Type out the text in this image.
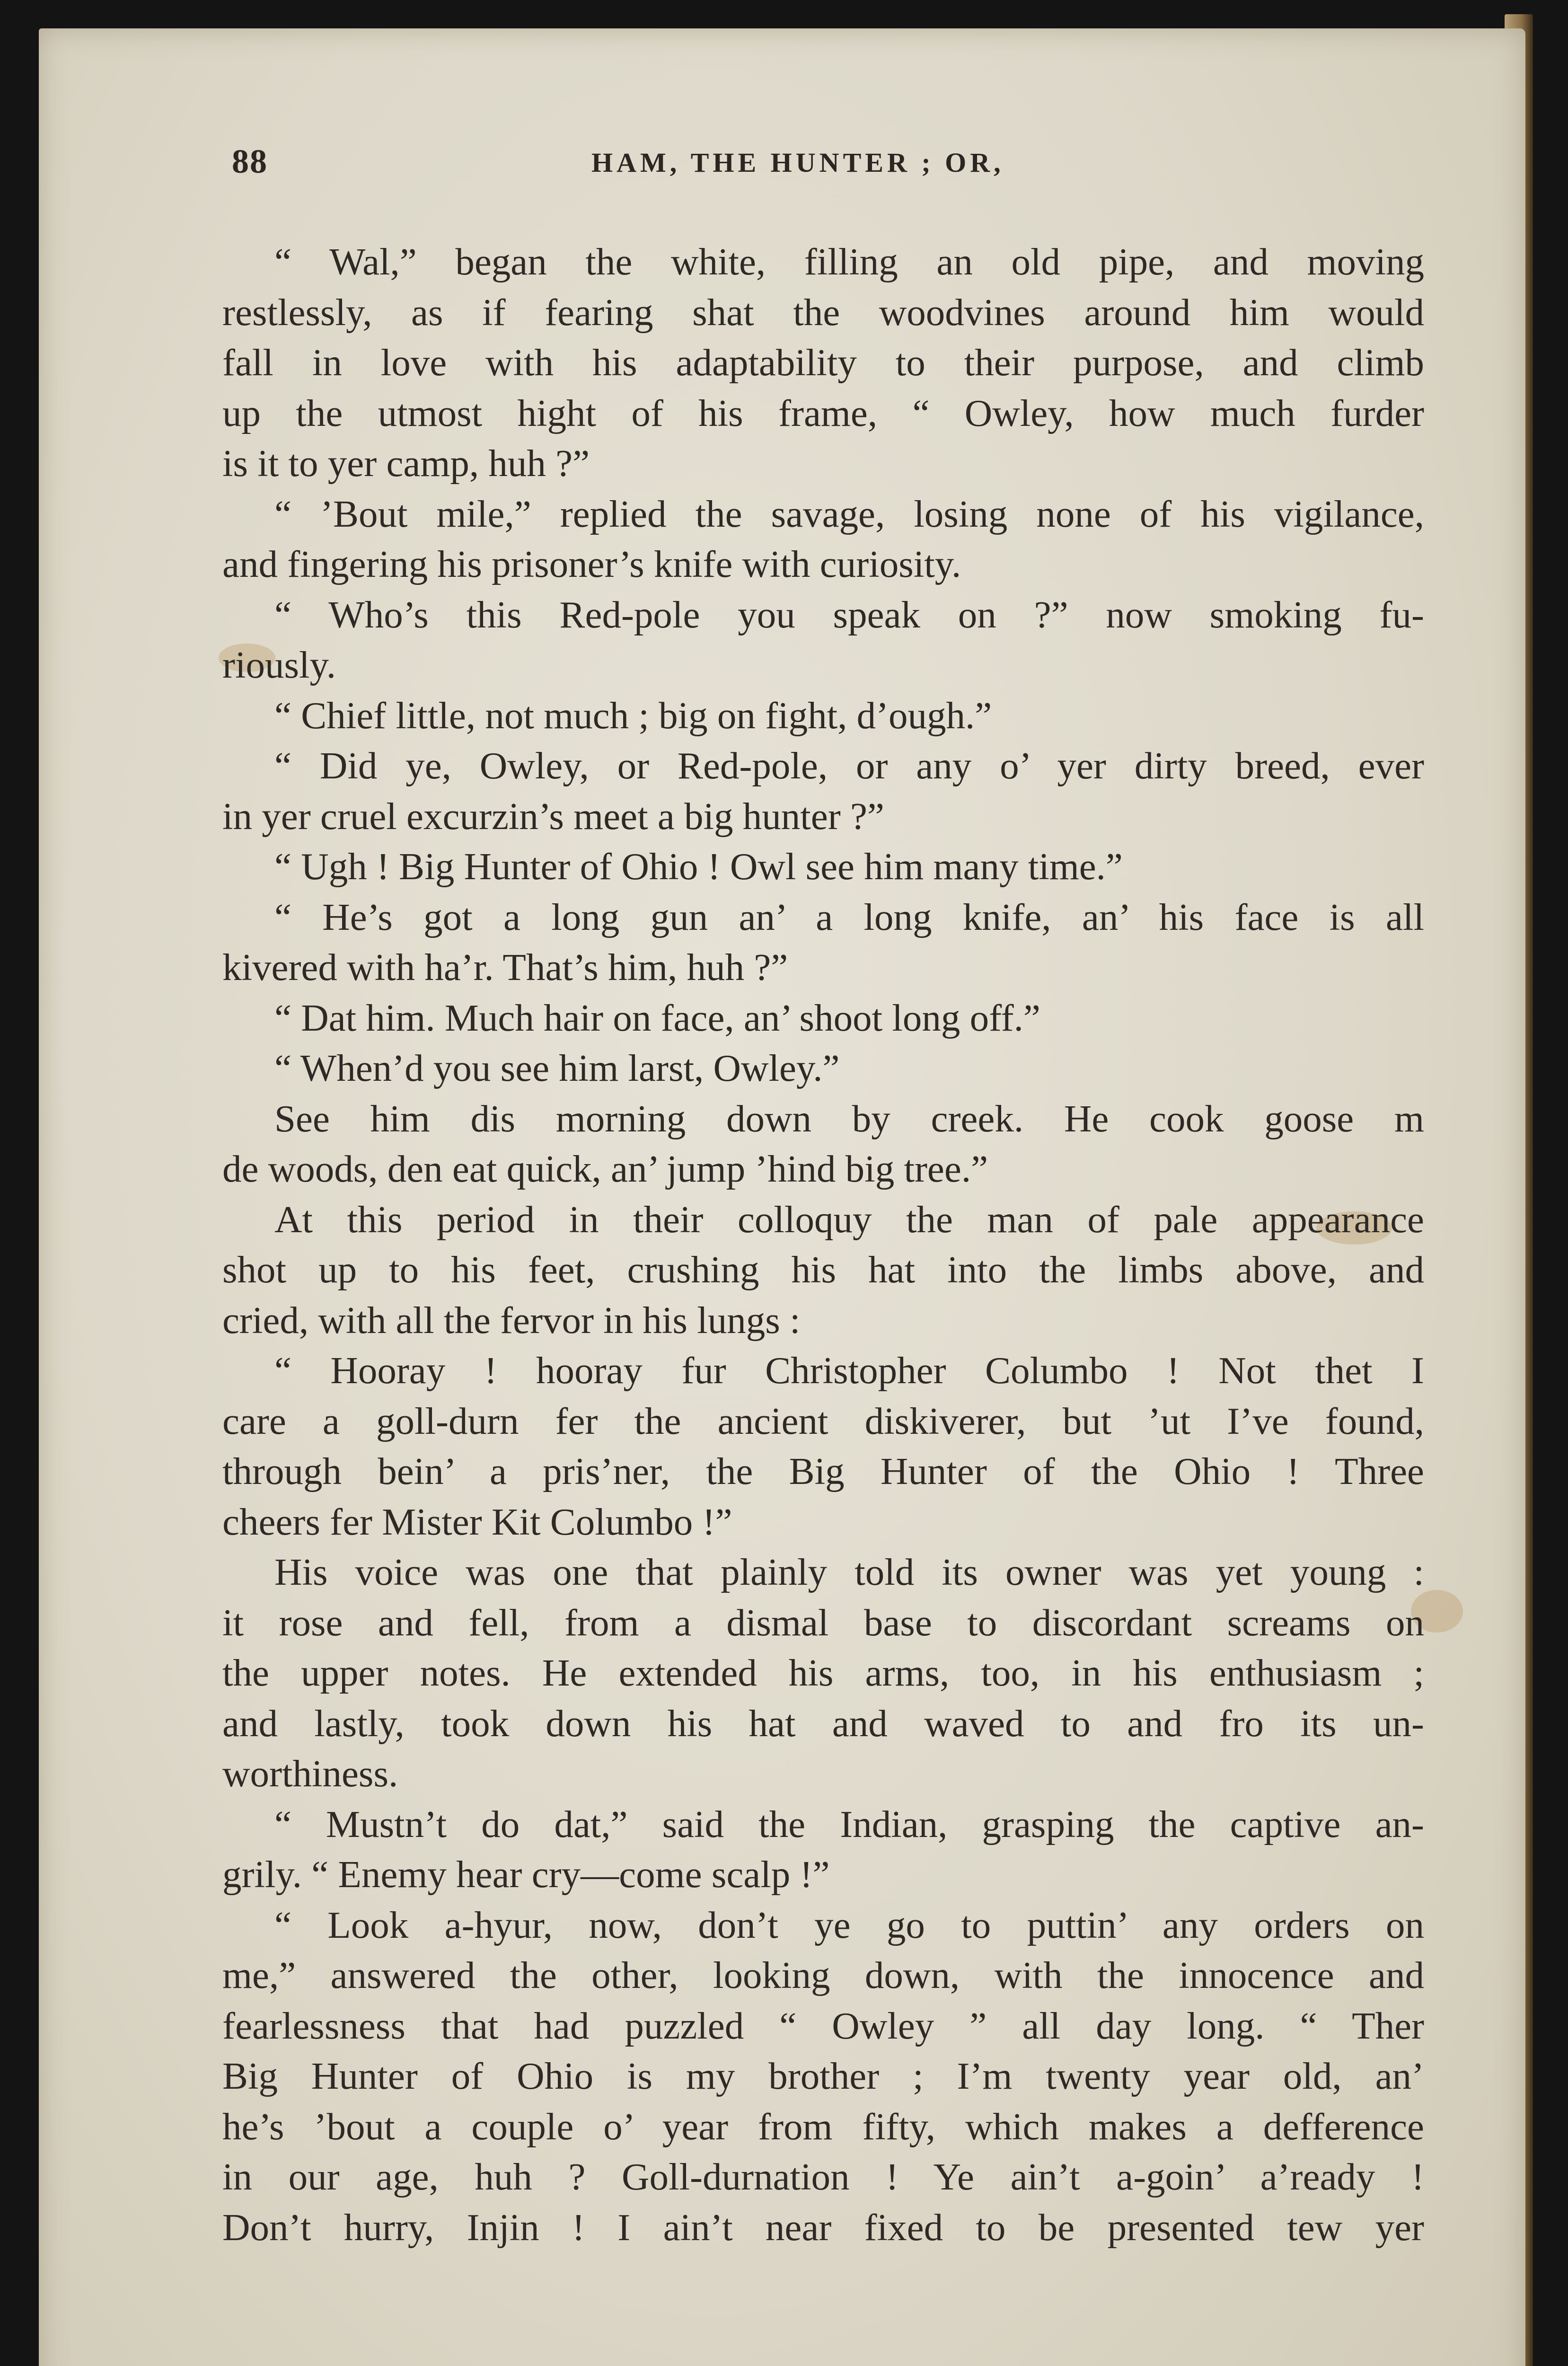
88	HAM, THE HUNTER ; OR,
“ Wal,” began the white, filling an old pipe, and moving
restlessly, as if fearing shat the woodvines around him would
fall in love with his adaptability to their purpose, and climb
up the utmost hight of his frame, “ Owley, how much furder
is it to yer camp, huh ?”
“ ’Bout mile,” replied the savage, losing none of his vigilance,
and fingering his prisoner’s knife with curiosity.
“ Who’s this Red-pole you speak on ?” now smoking fu-
riously.
“ Chief little, not much ; big on fight, d’ough.”
“ Did ye, Owley, or Red-pole, or any o’ yer dirty breed, ever
in yer cruel excurzin’s meet a big hunter ?”
“ Ugh ! Big Hunter of Ohio ! Owl see him many time.”
“ He’s got a long gun an’ a long knife, an’ his face is all
kivered with ha’r. That’s him, huh ?”
“ Dat him. Much hair on face, an’ shoot long off.”
“ When’d you see him larst, Owley.”
See him dis morning down by creek. He cook goose m
de woods, den eat quick, an’ jump ’hind big tree.”
At this period in their colloquy the man of pale appearance
shot up to his feet, crushing his hat into the limbs above, and
cried, with all the fervor in his lungs :
“ Hooray ! hooray fur Christopher Columbo ! Not thet I
care a goll-durn fer the ancient diskiverer, but ’ut I’ve found,
through bein’ a pris’ner, the Big Hunter of the Ohio ! Three
cheers fer Mister Kit Columbo !”
His voice was one that plainly told its owner was yet young :
it rose and fell, from a dismal base to discordant screams on
the upper notes. He extended his arms, too, in his enthusiasm ;
and lastly, took down his hat and waved to and fro its un-
worthiness.
“ Mustn’t do dat,” said the Indian, grasping the captive an-
grily. “ Enemy hear cry—come scalp !”
“ Look a-hyur, now, don’t ye go to puttin’ any orders on
me,” answered the other, looking down, with the innocence and
fearlessness that had puzzled “ Owley ” all day long. “ Ther
Big Hunter of Ohio is my brother ; I’m twenty year old, an’
he’s ’bout a couple o’ year from fifty, which makes a defference
in our age, huh ? Goll-durnation ! Ye ain’t a-goin’ a’ready !
Don’t hurry, Injin ! I ain’t near fixed to be presented tew yer
